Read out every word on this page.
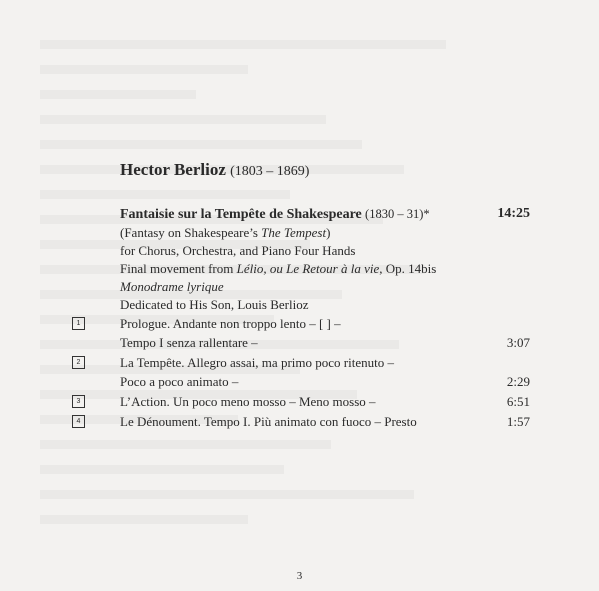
Hector Berlioz (1803 – 1869)
Fantaisie sur la Tempête de Shakespeare (1830 – 31)*	14:25
(Fantasy on Shakespeare’s The Tempest)
for Chorus, Orchestra, and Piano Four Hands
Final movement from Lélio, ou Le Retour à la vie, Op. 14bis
Monodrame lyrique
Dedicated to His Son, Louis Berlioz
1	Prologue. Andante non troppo lento – [ ] –
Tempo I senza rallentare –	3:07
2	La Tempête. Allegro assai, ma primo poco ritenuto –
Poco a poco animato –	2:29
3	L’Action. Un poco meno mosso – Meno mosso –	6:51
4	Le Dénoument. Tempo I. Più animato con fuoco – Presto	1:57
3
